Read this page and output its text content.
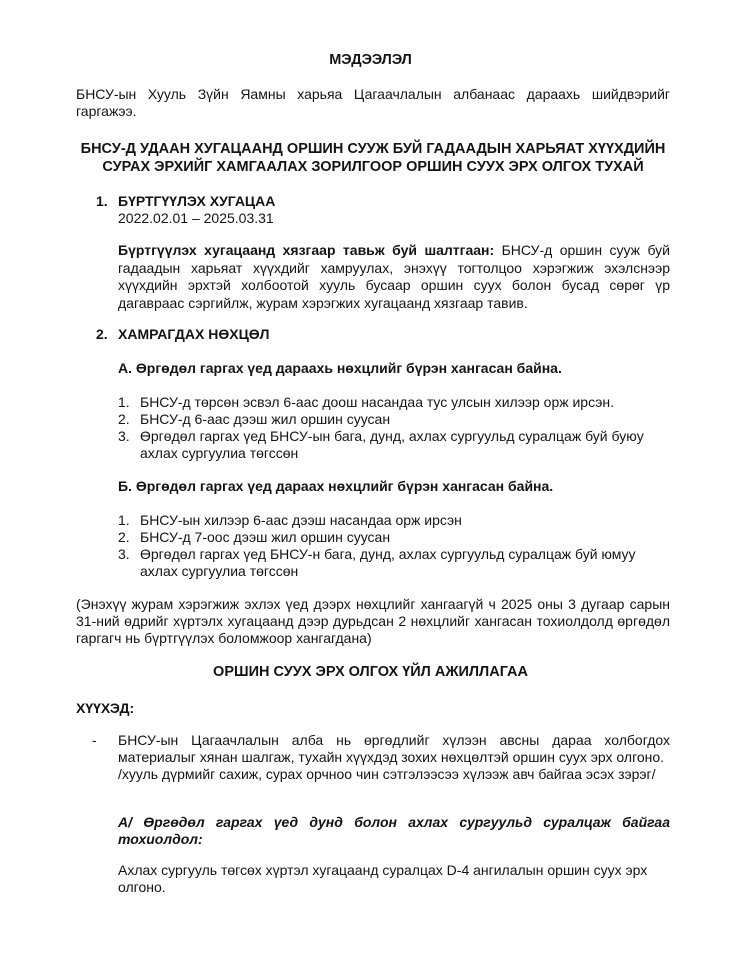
МЭДЭЭЛЭЛ
БНСУ-ын Хууль Зүйн Яамны харьяа Цагаачлалын албанаас дараахь шийдвэрийг гаргажээ.
БНСУ-Д УДААН ХУГАЦААНД ОРШИН СУУЖ БУЙ ГАДААДЫН ХАРЬЯАТ ХҮҮХДИЙН СУРАХ ЭРХИЙГ ХАМГААЛАХ ЗОРИЛГООР ОРШИН СУУХ ЭРХ ОЛГОХ ТУХАЙ
1. БҮРТГҮҮЛЭХ ХУГАЦАА
2022.02.01 – 2025.03.31
Бүртгүүлэх хугацаанд хязгаар тавьж буй шалтгаан: БНСУ-д оршин сууж буй гадаадын харьяат хүүхдийг хамруулах, энэхүү тогтолцоо хэрэгжиж эхэлснээр хүүхдийн эрхтэй холбоотой хууль бусаар оршин суух болон бусад сөрөг үр дагавраас сэргийлж, журам хэрэгжих хугацаанд хязгаар тавив.
2. ХАМРАГДАХ НӨХЦӨЛ
А. Өргөдөл гаргах үед дараахь нөхцлийг бүрэн хангасан байна.
1. БНСУ-д төрсөн эсвэл 6-аас доош насандаа тус улсын хилээр орж ирсэн.
2. БНСУ-д 6-аас дээш жил оршин суусан
3. Өргөдөл гаргах үед БНСУ-ын бага, дунд, ахлах сургуульд суралцаж буй буюу ахлах сургуулиа төгссөн
Б. Өргөдөл гаргах үед дараах нөхцлийг бүрэн хангасан байна.
1. БНСУ-ын хилээр 6-аас дээш насандаа орж ирсэн
2. БНСУ-д 7-оос дээш жил оршин суусан
3. Өргөдөл гаргах үед БНСУ-н бага, дунд, ахлах сургуульд суралцаж буй юмуу ахлах сургуулиа төгссөн
(Энэхүү журам хэрэгжиж эхлэх үед дээрх нөхцлийг хангаагүй ч 2025 оны 3 дугаар сарын 31-ний өдрийг хүртэлх хугацаанд дээр дурьдсан 2 нөхцлийг хангасан тохиолдолд өргөдөл гаргагч нь бүртгүүлэх боломжоор хангагдана)
ОРШИН СУУХ ЭРХ ОЛГОХ ҮЙЛ АЖИЛЛАГАА
ХҮҮХЭД:
- БНСУ-ын Цагаачлалын алба нь өргөдлийг хүлээн авсны дараа холбогдох материалыг хянан шалгаж, тухайн хүүхдэд зохих нөхцөлтэй оршин суух эрх олгоно.
/хууль дүрмийг сахиж, сурах орчноо чин сэтгэлээсээ хүлээж авч байгаа эсэх зэрэг/
А/ Өргөдөл гаргах үед дунд болон ахлах сургуульд суралцаж байгаа тохиолдол:
Ахлах сургууль төгсөх хүртэл хугацаанд суралцах D-4 ангилалын оршин суух эрх олгоно.
